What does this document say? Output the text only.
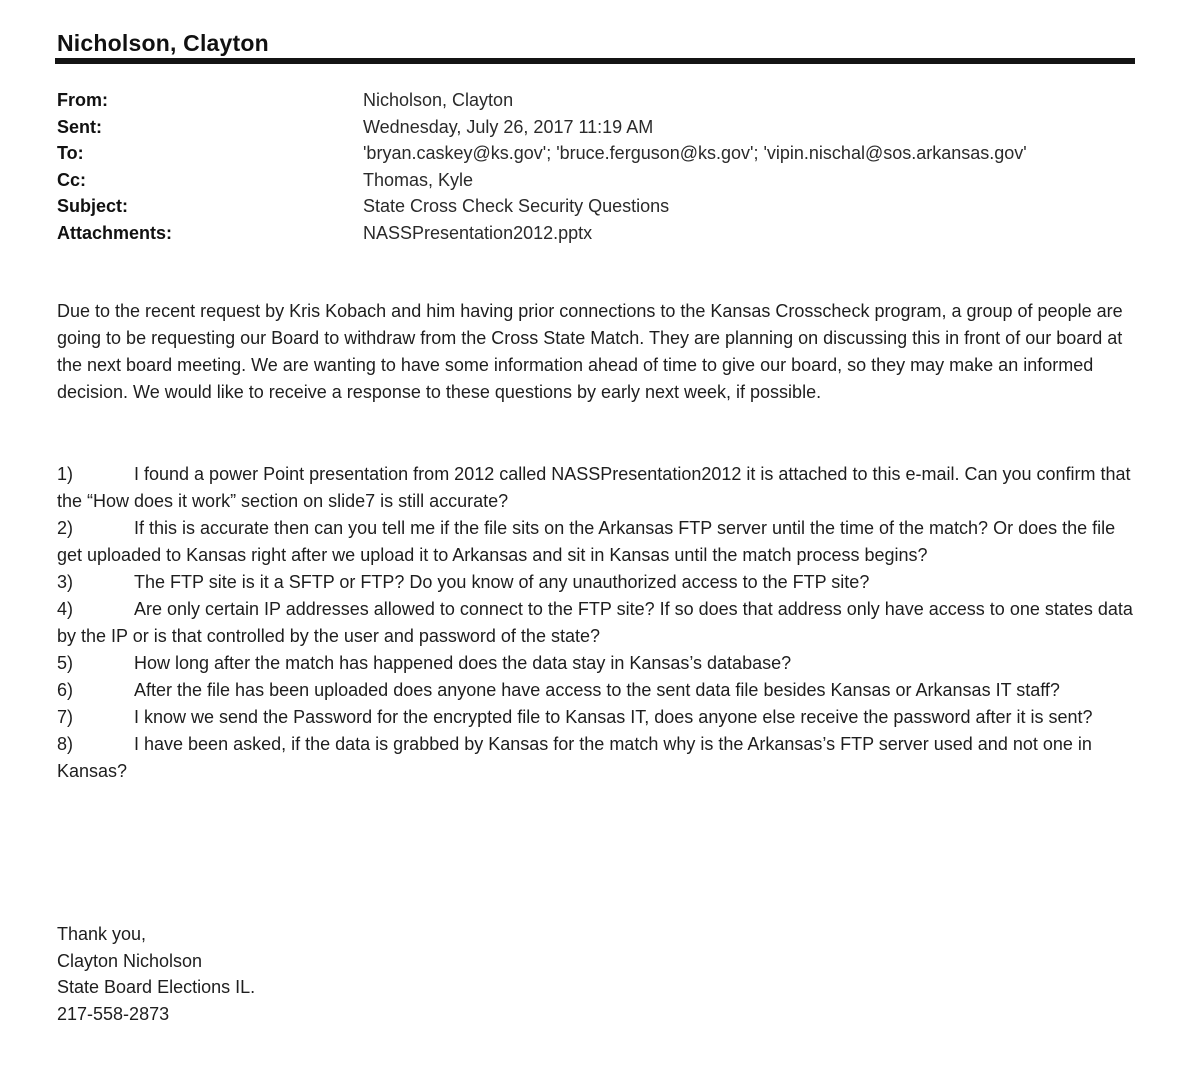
Nicholson, Clayton
From:	Nicholson, Clayton
Sent:	Wednesday, July 26, 2017 11:19 AM
To:	'bryan.caskey@ks.gov'; 'bruce.ferguson@ks.gov'; 'vipin.nischal@sos.arkansas.gov'
Cc:	Thomas, Kyle
Subject:	State Cross Check Security Questions
Attachments:	NASSPresentation2012.pptx

Due to the recent request by Kris Kobach and him having prior connections to the Kansas Crosscheck program, a group of people are going to be requesting our Board to withdraw from the Cross State Match. They are planning on discussing this in front of our board at the next board meeting. We are wanting to have some information ahead of time to give our board, so they may make an informed decision. We would like to receive a response to these questions by early next week, if possible.

1)	I found a power Point presentation from 2012 called NASSPresentation2012 it is attached to this e-mail. Can you confirm that the “How does it work” section on slide7 is still accurate?

2)	If this is accurate then can you tell me if the file sits on the Arkansas FTP server until the time of the match? Or does the file get uploaded to Kansas right after we upload it to Arkansas and sit in Kansas until the match process begins?

3)	The FTP site is it a SFTP or FTP? Do you know of any unauthorized access to the FTP site?

4)	Are only certain IP addresses allowed to connect to the FTP site? If so does that address only have access to one states data by the IP or is that controlled by the user and password of the state?

5)	How long after the match has happened does the data stay in Kansas’s database?

6)	After the file has been uploaded does anyone have access to the sent data file besides Kansas or Arkansas IT staff?

7)	I know we send the Password for the encrypted file to Kansas IT, does anyone else receive the password after it is sent?

8)	I have been asked, if the data is grabbed by Kansas for the match why is the Arkansas’s FTP server used and not one in Kansas?

Thank you,
Clayton Nicholson
State Board Elections IL.
217-558-2873
